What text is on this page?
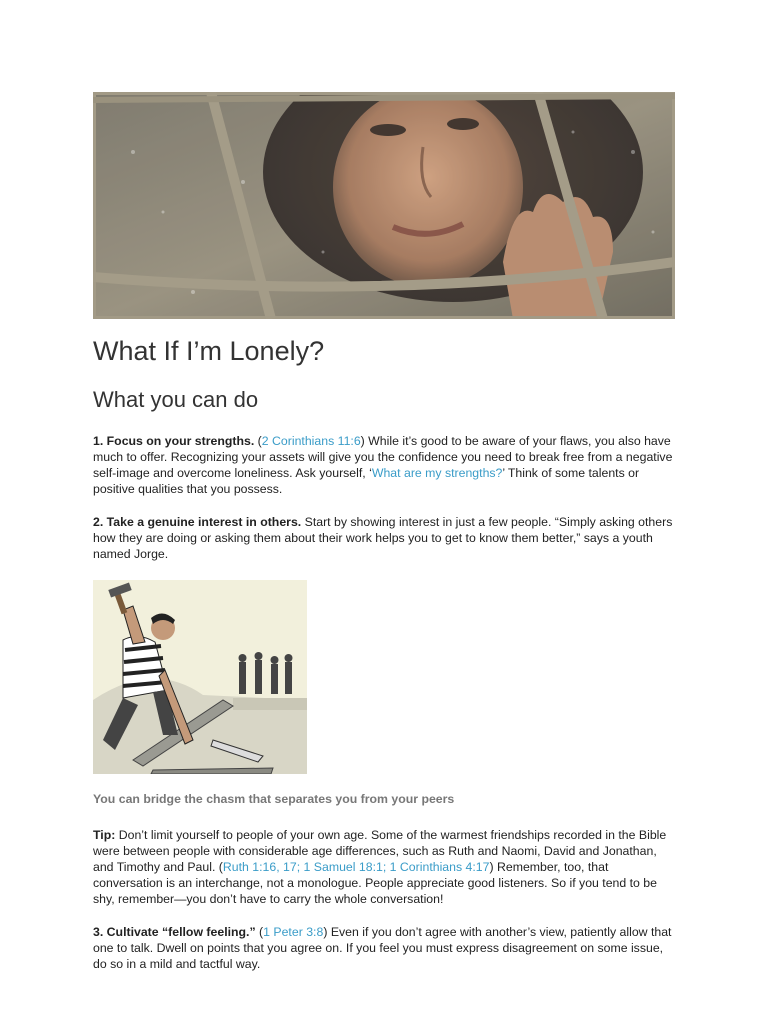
What If I’m Lonely?
What you can do

1. Focus on your strengths. (2 Corinthians 11:6) While it’s good to be aware of your flaws, you also have much to offer. Recognizing your assets will give you the confidence you need to break free from a negative self-image and overcome loneliness. Ask yourself, ‘What are my strengths?’ Think of some talents or positive qualities that you possess.

2. Take a genuine interest in others. Start by showing interest in just a few people. “Simply asking others how they are doing or asking them about their work helps you to get to know them better,” says a youth named Jorge.

You can bridge the chasm that separates you from your peers

Tip: Don’t limit yourself to people of your own age. Some of the warmest friendships recorded in the Bible were between people with considerable age differences, such as Ruth and Naomi, David and Jonathan, and Timothy and Paul. (Ruth 1:16, 17; 1 Samuel 18:1; 1 Corinthians 4:17) Remember, too, that conversation is an interchange, not a monologue. People appreciate good listeners. So if you tend to be shy, remember—you don’t have to carry the whole conversation!

3. Cultivate “fellow feeling.” (1 Peter 3:8) Even if you don’t agree with another’s view, patiently allow that one to talk. Dwell on points that you agree on. If you feel you must express disagreement on some issue, do so in a mild and tactful way.
